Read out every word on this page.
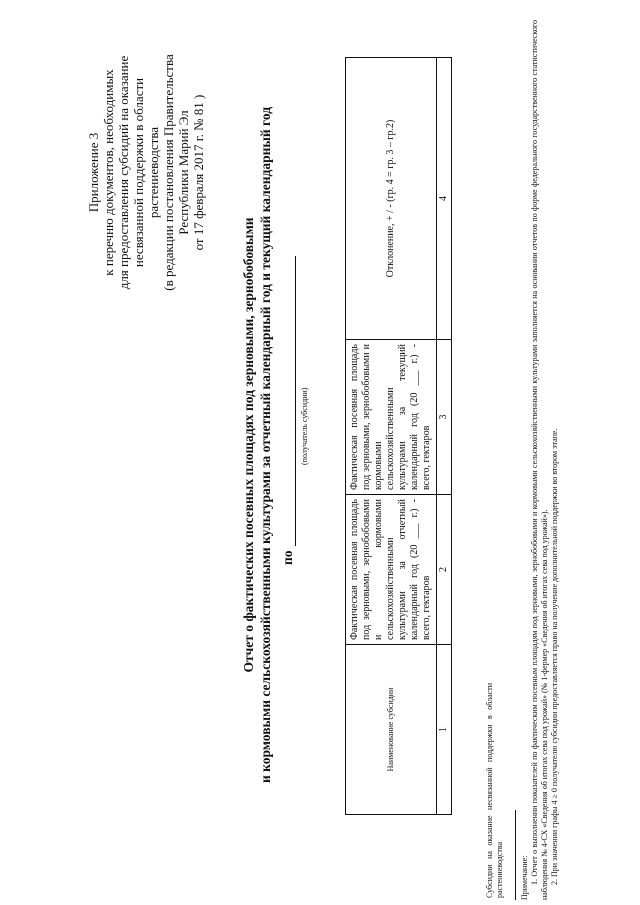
Приложение 3 к перечню документов, необходимых для предоставления субсидий на оказание несвязанной поддержки в области растениеводства (в редакции постановления Правительства Республики Марий Эл от 17 февраля 2017 г. № 81 )
Отчет о фактических посевных площадях под зерновыми, зернобобовыми и кормовыми сельскохозяйственными культурами за отчетный календарный год и текущий календарный год по
(получатель субсидии)
Наименование субсидии	Фактическая посевная площадь под зерновыми, зернобобовыми и кормовыми сельскохозяйственными культурами за отчетный календарный год (20 ___ г.) - всего, гектаров	Фактическая посевная площадь под зерновыми, зернобобовыми и кормовыми сельскохозяйственными культурами за текущий календарный год (20 ___ г.) - всего, гектаров	Отклонение, + / - (гр. 4 = гр. 3 – гр.2)
1	2	3	4
Субсидии на оказание несвязанной поддержки в области растениеводства Примечание: 1. Отчет о выполнении показателей по фактическим посевным площадям под зерновыми, зернобобовыми и кормовыми сельскохозяйственными культурами заполняется на основании отчетов по форме федерального государственного статистического наблюдения № 4-СХ «Сведения об итогах сева под урожай» (№ 1-фермер «Сведения об итогах сева под урожай»). 2. При значении графы 4 ≥ 0 получателю субсидии предоставляется право на получение дополнительной поддержки во втором этапе.
